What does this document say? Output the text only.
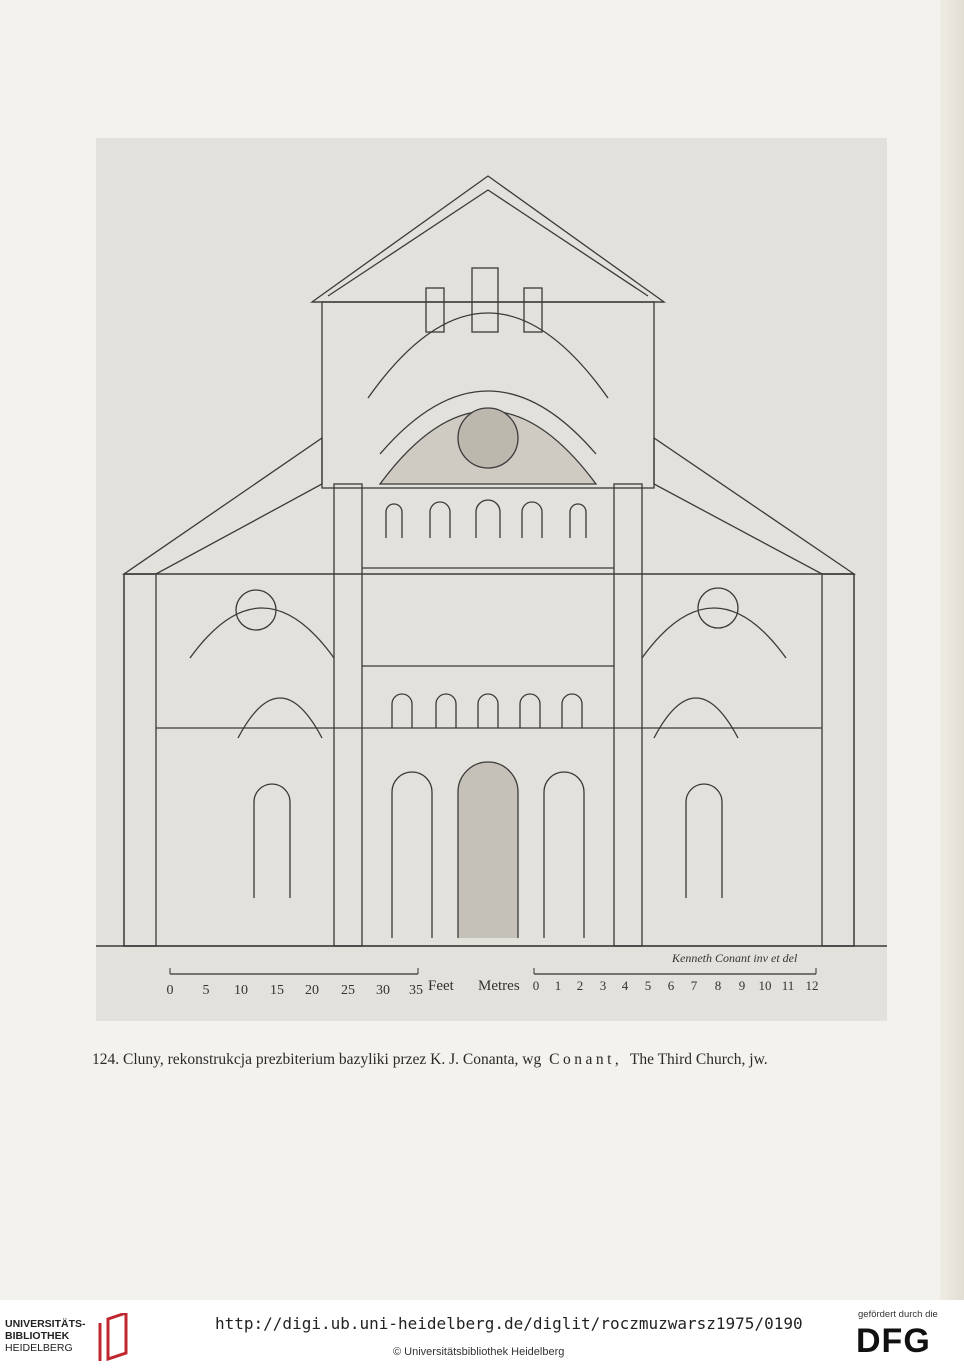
Kenneth Conant inv et del
0 5 10 15 20 25 30 35 Feet Metres 0 1 2 3 4 5 6 7 8 9 10 11 12
124. Cluny, rekonstrukcja prezbiterium bazyliki przez K. J. Conanta, wg Conant, The Third Church, jw.
UNIVERSITÄTS-
BIBLIOTHEK
HEIDELBERG
http://digi.ub.uni-heidelberg.de/diglit/roczmuzwarsz1975/0190
© Universitätsbibliothek Heidelberg
gefördert durch die
DFG
